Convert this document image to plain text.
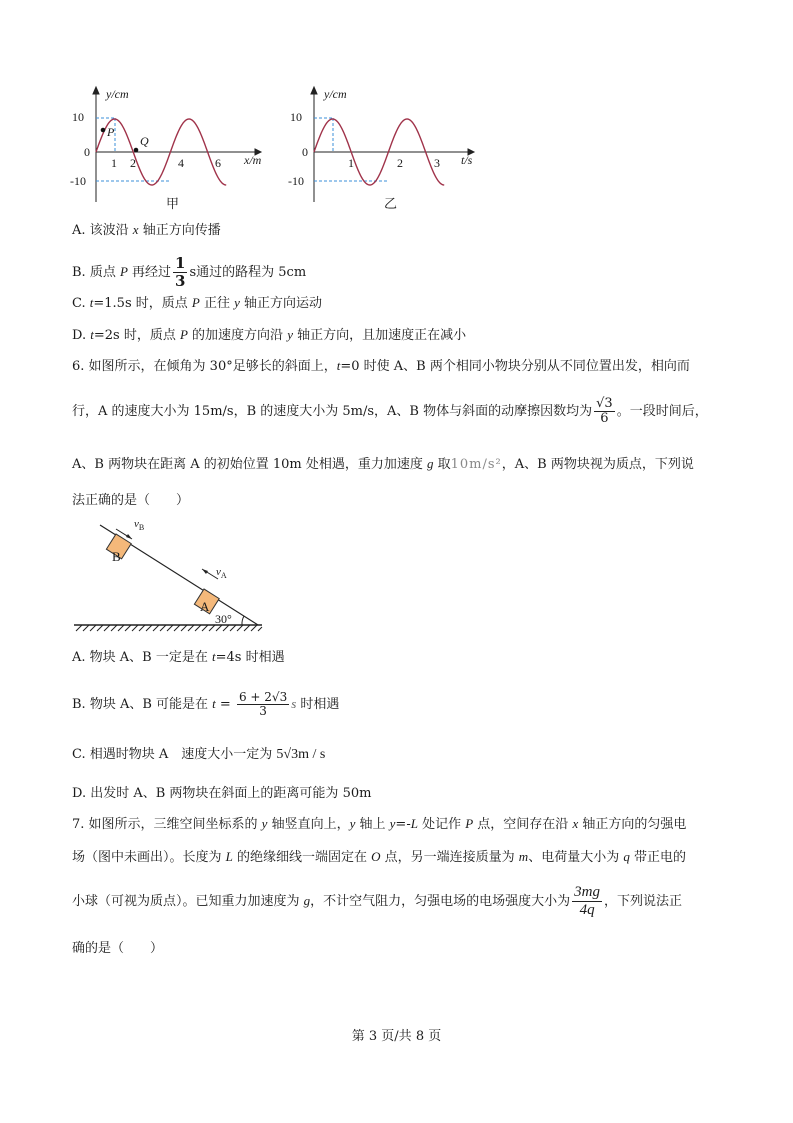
y/cm
10
0
-10
1 2	4	6 x/m
P
Q
甲
y/cm
10
0
-10
1	2	3 t/s
乙
A. 该波沿 x 轴正方向传播
B. 质点 P 再经过 $\frac{1}{3}$ s通过的路程为 5cm
C. t=1.5s 时，质点 P 正往 y 轴正方向运动
D. t=2s 时，质点 P 的加速度方向沿 y 轴正方向，且加速度正在减小
6. 如图所示，在倾角为 30°足够长的斜面上，t=0 时使 A、B 两个相同小物块分别从不同位置出发，相向而
行，A 的速度大小为 15m/s，B 的速度大小为 5m/s，A、B 物体与斜面的动摩擦因数均为 $\frac{√3}{6}$ 。一段时间后，
A、B 两物块在距离 A 的初始位置 10m 处相遇，重力加速度 g 取10m/s²，A、B 两物块视为质点，下列说
法正确的是（　　）
$v_B$
$v_A$
B
A
30°
A. 物块 A、B 一定是在 t=4s 时相遇
B. 物块 A、B 可能是在 $t = \frac{6 + 2√3}{3}$ s 时相遇
C. 相遇时物块 A　速度大小一定为 5√3m / s
D. 出发时 A、B 两物块在斜面上的距离可能为 50m
7. 如图所示，三维空间坐标系的 y 轴竖直向上，y 轴上 y=-L 处记作 P 点，空间存在沿 x 轴正方向的匀强电
场（图中未画出）。长度为 L 的绝缘细线一端固定在 O 点，另一端连接质量为 m、电荷量大小为 q 带正电的
小球（可视为质点）。已知重力加速度为 g，不计空气阻力，匀强电场的电场强度大小为 $\frac{3mg}{4q}$ ，下列说法正
确的是（　　）
第 3 页/共 8 页
